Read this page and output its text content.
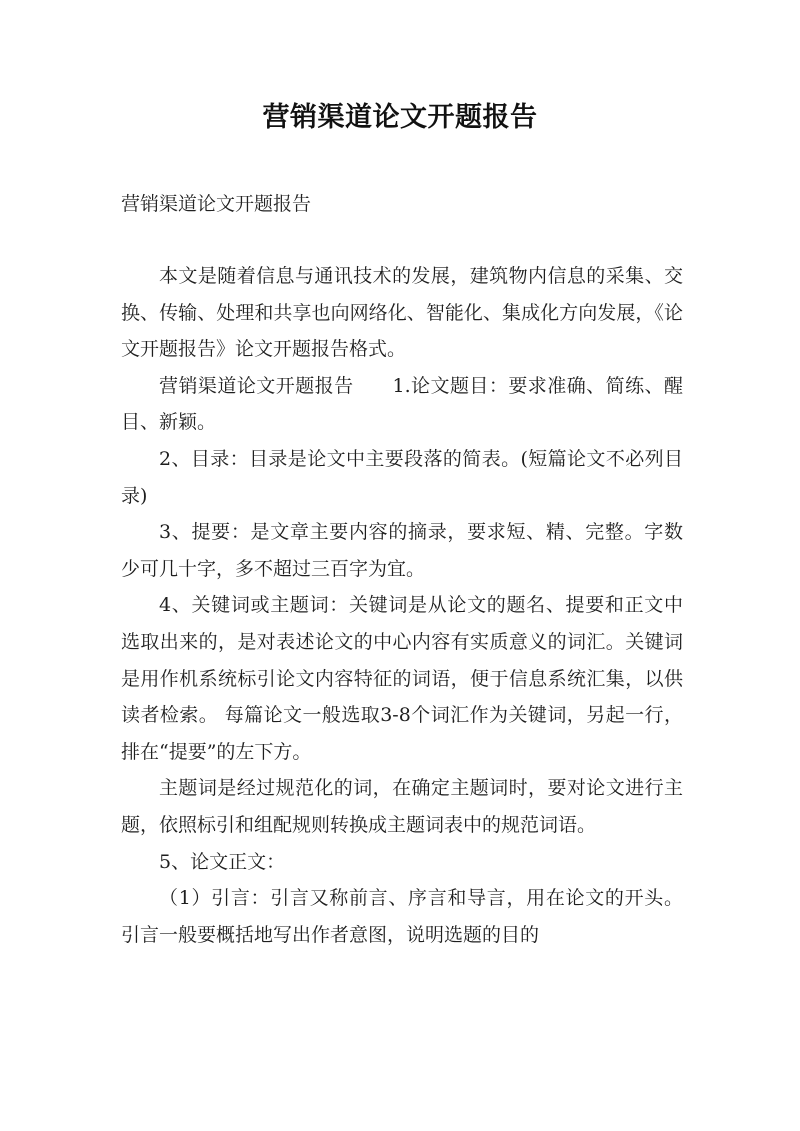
营销渠道论文开题报告
营销渠道论文开题报告

本文是随着信息与通讯技术的发展，建筑物内信息的采集、交换、传输、处理和共享也向网络化、智能化、集成化方向发展，《论文开题报告》论文开题报告格式。

营销渠道论文开题报告　　1.论文题目：要求准确、简练、醒目、新颖。

2、目录：目录是论文中主要段落的简表。(短篇论文不必列目录)

3、提要：是文章主要内容的摘录，要求短、精、完整。字数少可几十字，多不超过三百字为宜。

4、关键词或主题词：关键词是从论文的题名、提要和正文中选取出来的，是对表述论文的中心内容有实质意义的词汇。关键词是用作机系统标引论文内容特征的词语，便于信息系统汇集，以供读者检索。 每篇论文一般选取3-8个词汇作为关键词，另起一行，排在“提要”的左下方。

主题词是经过规范化的词，在确定主题词时，要对论文进行主题，依照标引和组配规则转换成主题词表中的规范词语。

5、论文正文：

（1）引言：引言又称前言、序言和导言，用在论文的开头。 引言一般要概括地写出作者意图，说明选题的目的
